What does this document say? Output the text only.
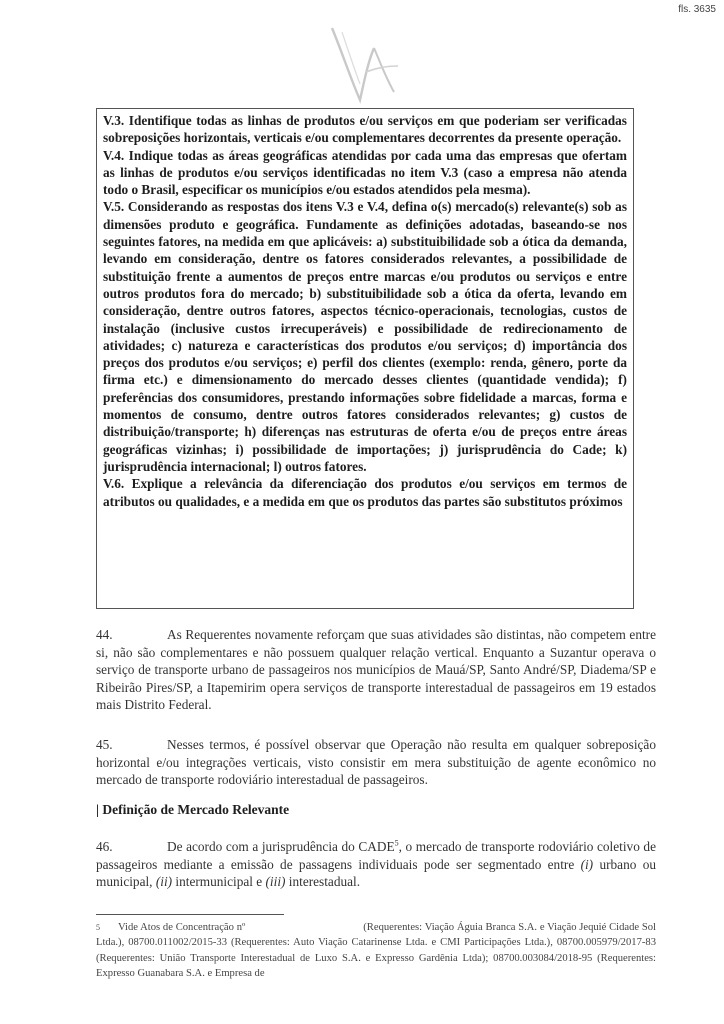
fls. 3635

V.3. Identifique todas as linhas de produtos e/ou serviços em que poderiam ser verificadas sobreposições horizontais, verticais e/ou complementares decorrentes da presente operação.

V.4. Indique todas as áreas geográficas atendidas por cada uma das empresas que ofertam as linhas de produtos e/ou serviços identificadas no item V.3 (caso a empresa não atenda todo o Brasil, especificar os municípios e/ou estados atendidos pela mesma).

V.5. Considerando as respostas dos itens V.3 e V.4, defina o(s) mercado(s) relevante(s) sob as dimensões produto e geográfica. Fundamente as definições adotadas, baseando-se nos seguintes fatores, na medida em que aplicáveis: a) substituibilidade sob a ótica da demanda, levando em consideração, dentre os fatores considerados relevantes, a possibilidade de substituição frente a aumentos de preços entre marcas e/ou produtos ou serviços e entre outros produtos fora do mercado; b) substituibilidade sob a ótica da oferta, levando em consideração, dentre outros fatores, aspectos técnico-operacionais, tecnologias, custos de instalação (inclusive custos irrecuperáveis) e possibilidade de redirecionamento de atividades; c) natureza e características dos produtos e/ou serviços; d) importância dos preços dos produtos e/ou serviços; e) perfil dos clientes (exemplo: renda, gênero, porte da firma etc.) e dimensionamento do mercado desses clientes (quantidade vendida); f) preferências dos consumidores, prestando informações sobre fidelidade a marcas, forma e momentos de consumo, dentre outros fatores considerados relevantes; g) custos de distribuição/transporte; h) diferenças nas estruturas de oferta e/ou de preços entre áreas geográficas vizinhas; i) possibilidade de importações; j) jurisprudência do Cade; k) jurisprudência internacional; l) outros fatores.

V.6. Explique a relevância da diferenciação dos produtos e/ou serviços em termos de atributos ou qualidades, e a medida em que os produtos das partes são substitutos próximos

44.	As Requerentes novamente reforçam que suas atividades são distintas, não competem entre si, não são complementares e não possuem qualquer relação vertical. Enquanto a Suzantur operava o serviço de transporte urbano de passageiros nos municípios de Mauá/SP, Santo André/SP, Diadema/SP e Ribeirão Pires/SP, a Itapemirim opera serviços de transporte interestadual de passageiros em 19 estados mais Distrito Federal.

45.	Nesses termos, é possível observar que Operação não resulta em qualquer sobreposição horizontal e/ou integrações verticais, visto consistir em mera substituição de agente econômico no mercado de transporte rodoviário interestadual de passageiros.

| Definição de Mercado Relevante

46.	De acordo com a jurisprudência do CADE$^5$, o mercado de transporte rodoviário coletivo de passageiros mediante a emissão de passagens individuais pode ser segmentado entre (i) urbano ou municipal, (ii) intermunicipal e (iii) interestadual.

5 Vide Atos de Concentração nº	(Requerentes: Viação Águia Branca S.A. e Viação Jequié Cidade Sol Ltda.), 08700.011002/2015-33 (Requerentes: Auto Viação Catarinense Ltda. e CMI Participações Ltda.), 08700.005979/2017-83 (Requerentes: União Transporte Interestadual de Luxo S.A. e Expresso Gardênia Ltda); 08700.003084/2018-95 (Requerentes: Expresso Guanabara S.A. e Empresa de
